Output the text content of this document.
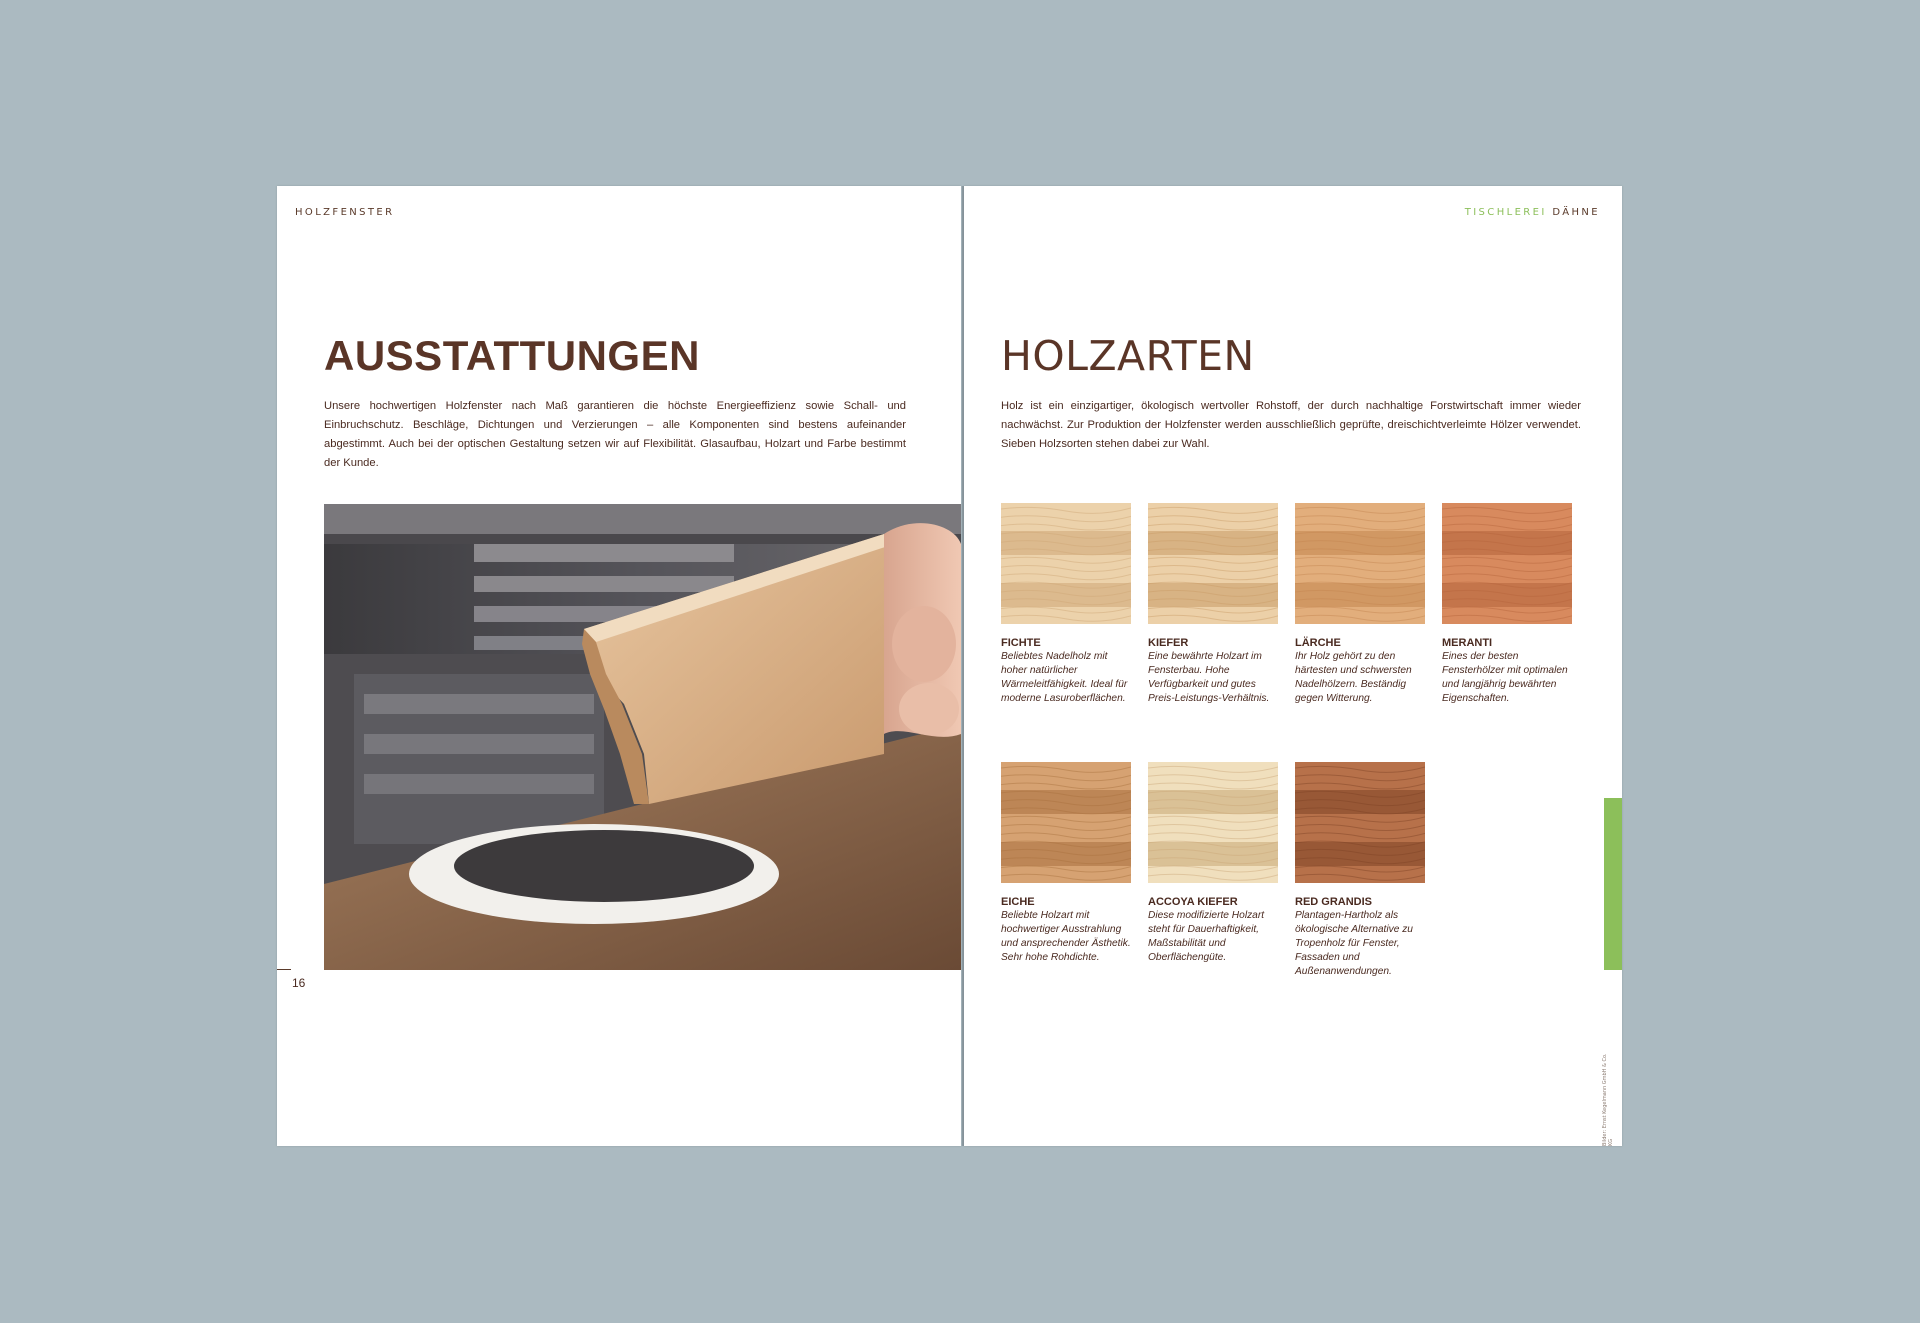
HOLZFENSTER
AUSSTATTUNGEN

Unsere hochwertigen Holzfenster nach Maß garantieren die höchste Energieeffizienz sowie Schall- und Einbruchschutz. Beschläge, Dichtungen und Verzierungen – alle Komponenten sind bestens aufeinander abgestimmt. Auch bei der optischen Gestaltung setzen wir auf Flexibilität. Glasaufbau, Holzart und Farbe bestimmt der Kunde.

16
TISCHLEREI DÄHNE
HOLZARTEN

Holz ist ein einzigartiger, ökologisch wertvoller Rohstoff, der durch nachhaltige Forstwirtschaft immer wieder nachwächst. Zur Produktion der Holzfenster werden ausschließlich geprüfte, dreischichtverleimte Hölzer verwendet. Sieben Holzsorten stehen dabei zur Wahl.

FICHTE
Beliebtes Nadelholz mit hoher natürlicher Wärmeleitfähigkeit. Ideal für moderne Lasuroberflächen.
KIEFER
Eine bewährte Holzart im Fensterbau. Hohe Verfügbarkeit und gutes Preis-Leistungs-Verhältnis.
LÄRCHE
Ihr Holz gehört zu den härtesten und schwersten Nadelhölzern. Beständig gegen Witterung.
MERANTI
Eines der besten Fensterhölzer mit optimalen und langjährig bewährten Eigenschaften.
EICHE
Beliebte Holzart mit hochwertiger Ausstrahlung und ansprechender Ästhetik. Sehr hohe Rohdichte.
ACCOYA KIEFER
Diese modifizierte Holzart steht für Dauerhaftigkeit, Maßstabilität und Oberflächengüte.
RED GRANDIS
Plantagen-Hartholz als ökologische Alternative zu Tropenholz für Fenster, Fassaden und Außenanwendungen.
Bilder: Ernst Kegelmann GmbH & Co. KG
